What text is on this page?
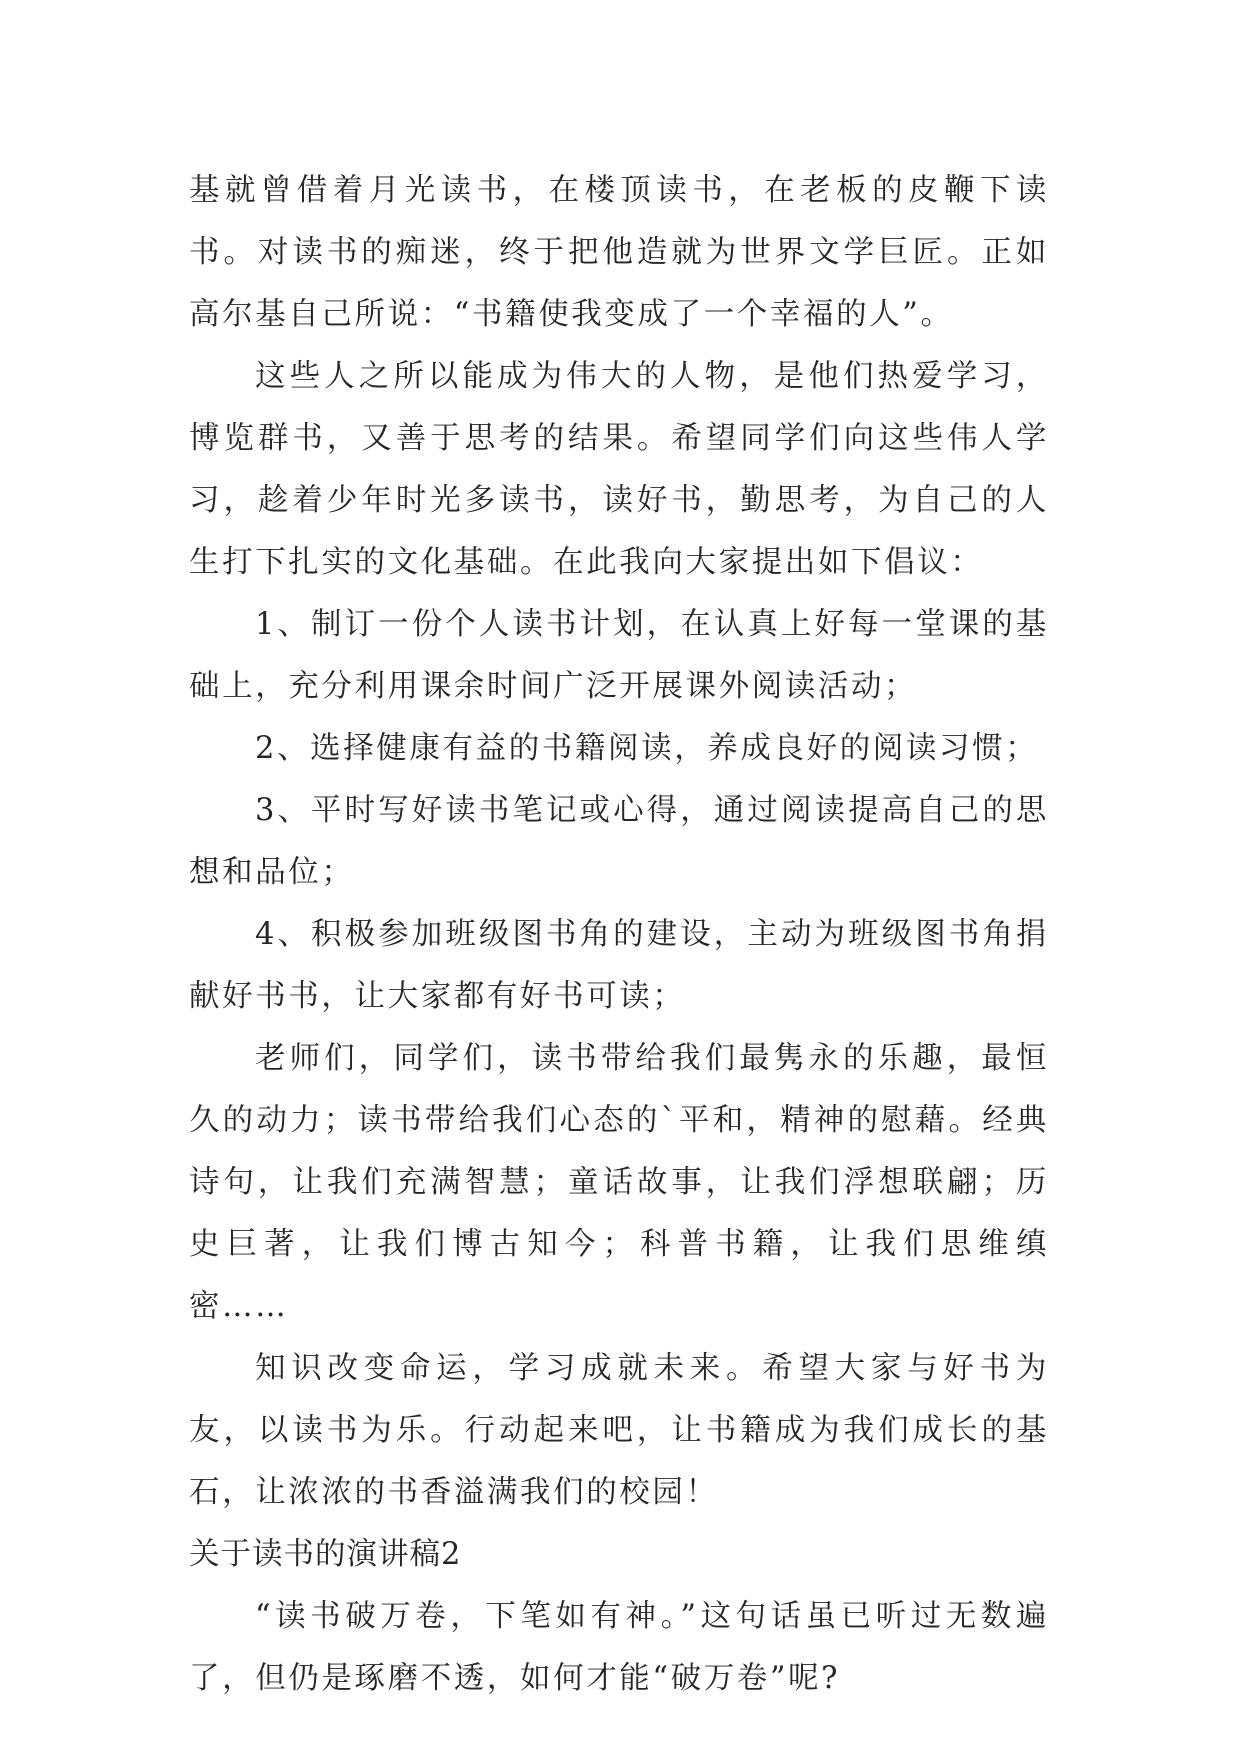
基就曾借着月光读书，在楼顶读书，在老板的皮鞭下读书。对读书的痴迷，终于把他造就为世界文学巨匠。正如高尔基自己所说：“书籍使我变成了一个幸福的人”。

这些人之所以能成为伟大的人物，是他们热爱学习，博览群书，又善于思考的结果。希望同学们向这些伟人学习，趁着少年时光多读书，读好书，勤思考，为自己的人生打下扎实的文化基础。在此我向大家提出如下倡议：

1、制订一份个人读书计划，在认真上好每一堂课的基础上，充分利用课余时间广泛开展课外阅读活动；

2、选择健康有益的书籍阅读，养成良好的阅读习惯；

3、平时写好读书笔记或心得，通过阅读提高自己的思想和品位；

4、积极参加班级图书角的建设，主动为班级图书角捐献好书书，让大家都有好书可读；

老师们，同学们，读书带给我们最隽永的乐趣，最恒久的动力；读书带给我们心态的`平和，精神的慰藉。经典诗句，让我们充满智慧；童话故事，让我们浮想联翩；历史巨著，让我们博古知今；科普书籍，让我们思维缜密……

知识改变命运，学习成就未来。希望大家与好书为友，以读书为乐。行动起来吧，让书籍成为我们成长的基石，让浓浓的书香溢满我们的校园！

关于读书的演讲稿2

“读书破万卷，下笔如有神。”这句话虽已听过无数遍了，但仍是琢磨不透，如何才能“破万卷”呢?
